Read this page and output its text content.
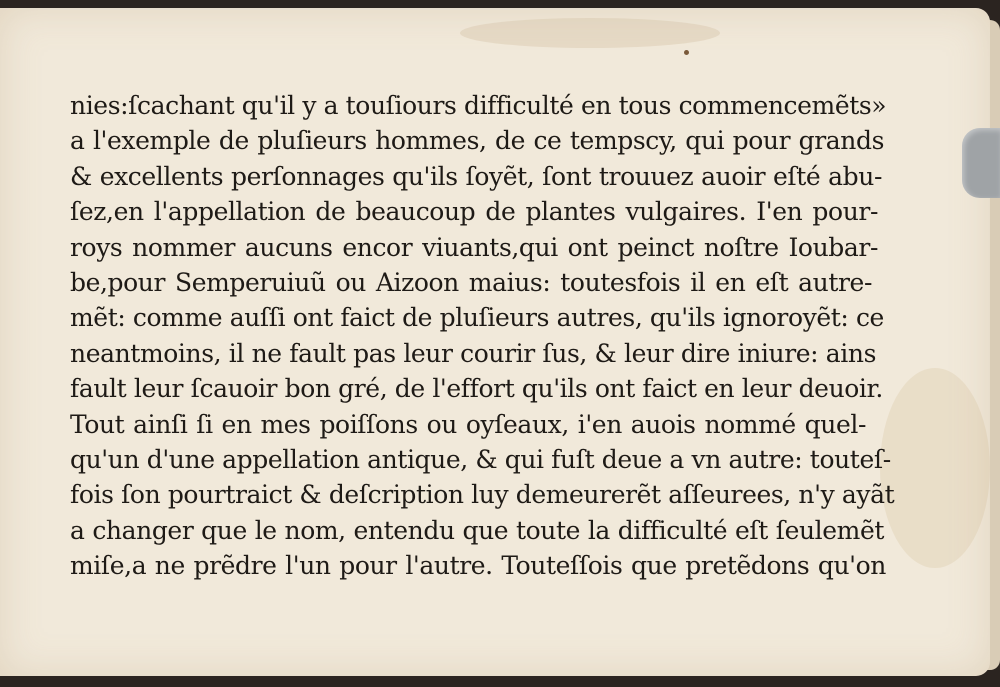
nies:ſcachant qu'il y a touſiours difficulté en tous commencemẽts»
a l'exemple de pluſieurs hommes, de ce tempscy, qui pour grands
& excellents perſonnages qu'ils ſoyẽt, ſont trouuez auoir eſté abu-
ſez,en l'appellation de beaucoup de plantes vulgaires. I'en pour-
roys nommer aucuns encor viuants,qui ont peinct noſtre Ioubar-
be,pour Semperuiuũ ou Aizoon maius: toutesfois il en eſt autre-
mẽt: comme auſſi ont faict de pluſieurs autres, qu'ils ignoroyẽt: ce
neantmoins, il ne fault pas leur courir ſus, & leur dire iniure: ains
fault leur ſcauoir bon gré, de l'effort qu'ils ont faict en leur deuoir.
Tout ainſi ſi en mes poiſſons ou oyſeaux, i'en auois nommé quel-
qu'un d'une appellation antique, & qui fuſt deue a vn autre: touteſ-
fois ſon pourtraict & deſcription luy demeurerẽt aſſeurees, n'y ayãt
a changer que le nom, entendu que toute la difficulté eſt ſeulemẽt
miſe,a ne prẽdre l'un pour l'autre. Touteſſois que pretẽdons qu'on
